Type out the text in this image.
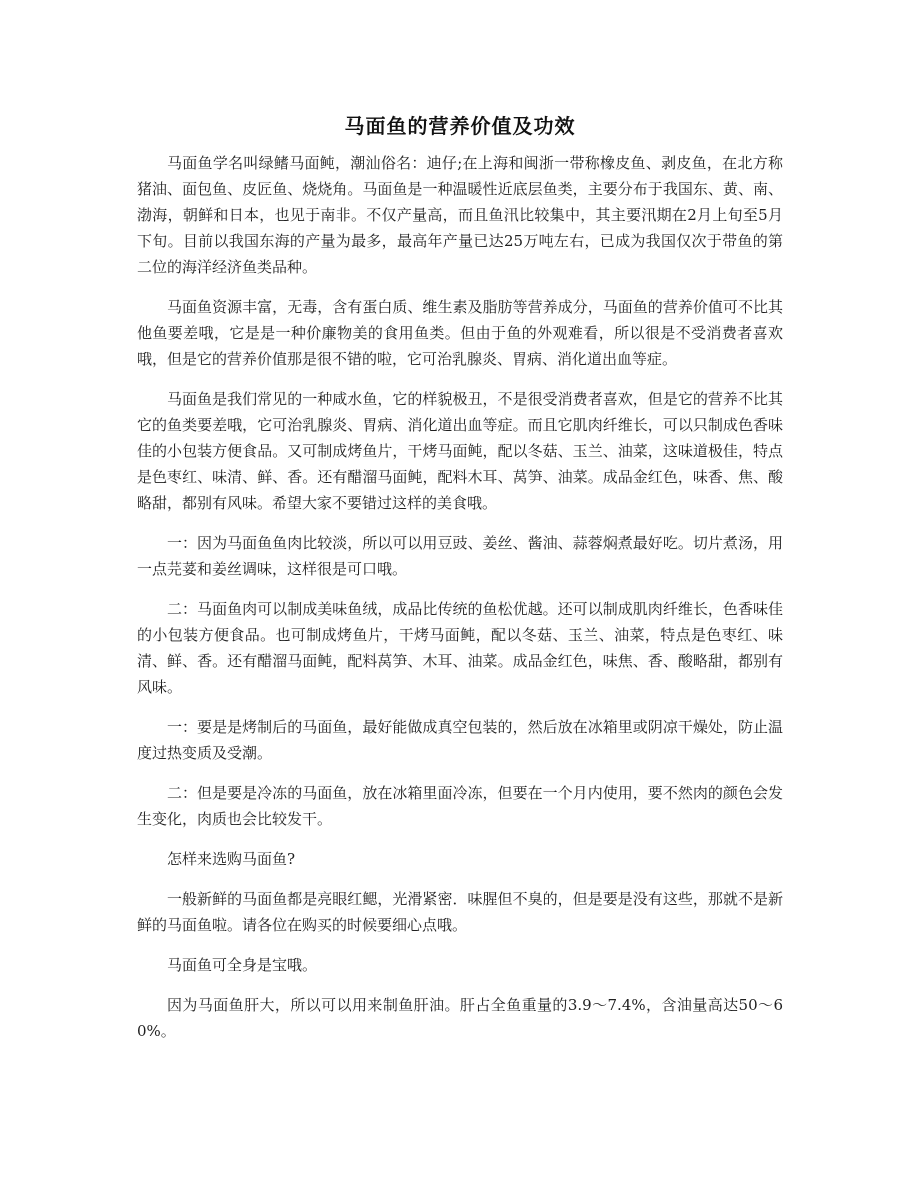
马面鱼的营养价值及功效

马面鱼学名叫绿鳍马面鲀，潮汕俗名：迪仔;在上海和闽浙一带称橡皮鱼、剥皮鱼，在北方称猪油、面包鱼、皮匠鱼、烧烧角。马面鱼是一种温暖性近底层鱼类，主要分布于我国东、黄、南、渤海，朝鲜和日本，也见于南非。不仅产量高，而且鱼汛比较集中，其主要汛期在2月上旬至5月下旬。目前以我国东海的产量为最多，最高年产量已达25万吨左右，已成为我国仅次于带鱼的第二位的海洋经济鱼类品种。

马面鱼资源丰富，无毒，含有蛋白质、维生素及脂肪等营养成分，马面鱼的营养价值可不比其他鱼要差哦，它是是一种价廉物美的食用鱼类。但由于鱼的外观难看，所以很是不受消费者喜欢哦，但是它的营养价值那是很不错的啦，它可治乳腺炎、胃病、消化道出血等症。

马面鱼是我们常见的一种咸水鱼，它的样貌极丑，不是很受消费者喜欢，但是它的营养不比其它的鱼类要差哦，它可治乳腺炎、胃病、消化道出血等症。而且它肌肉纤维长，可以只制成色香味佳的小包装方便食品。又可制成烤鱼片，干烤马面鲀，配以冬菇、玉兰、油菜，这味道极佳，特点是色枣红、味清、鲜、香。还有醋溜马面鲀，配料木耳、莴笋、油菜。成品金红色，味香、焦、酸略甜，都别有风味。希望大家不要错过这样的美食哦。

一：因为马面鱼鱼肉比较淡，所以可以用豆豉、姜丝、酱油、蒜蓉焖煮最好吃。切片煮汤，用一点芫荽和姜丝调味，这样很是可口哦。

二：马面鱼肉可以制成美味鱼绒，成品比传统的鱼松优越。还可以制成肌肉纤维长，色香味佳的小包装方便食品。也可制成烤鱼片，干烤马面鲀，配以冬菇、玉兰、油菜，特点是色枣红、味清、鲜、香。还有醋溜马面鲀，配料莴笋、木耳、油菜。成品金红色，味焦、香、酸略甜，都别有风味。

一：要是是烤制后的马面鱼，最好能做成真空包装的，然后放在冰箱里或阴凉干燥处，防止温度过热变质及受潮。

二：但是要是冷冻的马面鱼，放在冰箱里面冷冻，但要在一个月内使用，要不然肉的颜色会发生变化，肉质也会比较发干。

怎样来选购马面鱼?

一般新鲜的马面鱼都是亮眼红鳃，光滑紧密．味腥但不臭的，但是要是没有这些，那就不是新鲜的马面鱼啦。请各位在购买的时候要细心点哦。

马面鱼可全身是宝哦。

因为马面鱼肝大，所以可以用来制鱼肝油。肝占全鱼重量的3.9～7.4%，含油量高达50～60%。
